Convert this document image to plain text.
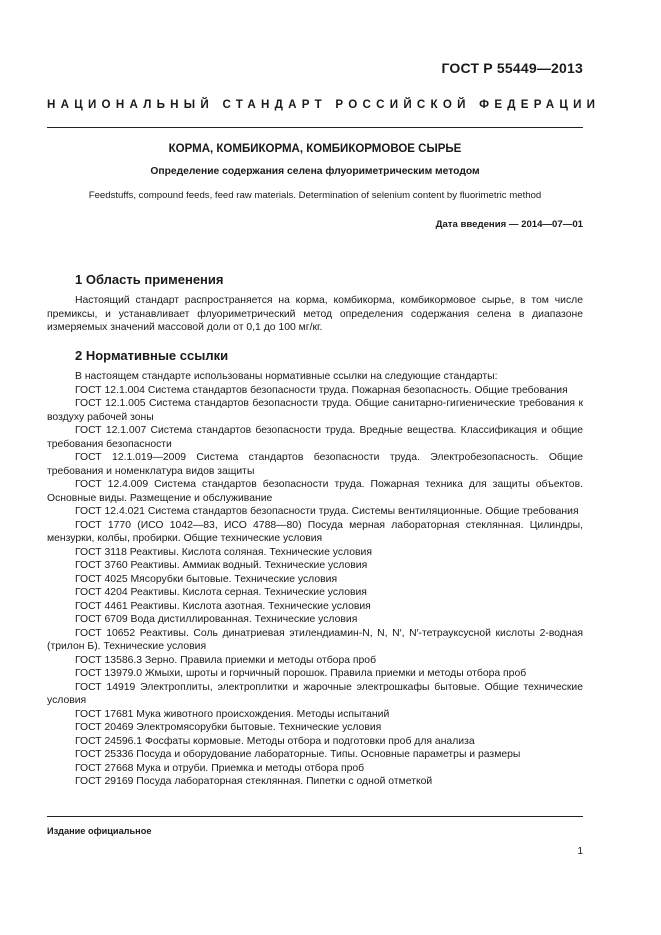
ГОСТ Р 55449—2013
НАЦИОНАЛЬНЫЙ СТАНДАРТ РОССИЙСКОЙ ФЕДЕРАЦИИ
КОРМА, КОМБИКОРМА, КОМБИКОРМОВОЕ СЫРЬЕ
Определение содержания селена флуориметрическим методом
Feedstuffs, compound feeds, feed raw materials. Determination of selenium content by fluorimetric method
Дата введения — 2014—07—01
1 Область применения

Настоящий стандарт распространяется на корма, комбикорма, комбикормовое сырье, в том числе премиксы, и устанавливает флуориметрический метод определения содержания селена в диапазоне измеряемых значений массовой доли от 0,1 до 100 мг/кг.

2 Нормативные ссылки

В настоящем стандарте использованы нормативные ссылки на следующие стандарты:

ГОСТ 12.1.004 Система стандартов безопасности труда. Пожарная безопасность. Общие требования

ГОСТ 12.1.005 Система стандартов безопасности труда. Общие санитарно-гигиенические требования к воздуху рабочей зоны

ГОСТ 12.1.007 Система стандартов безопасности труда. Вредные вещества. Классификация и общие требования безопасности

ГОСТ 12.1.019—2009 Система стандартов безопасности труда. Электробезопасность. Общие требования и номенклатура видов защиты

ГОСТ 12.4.009 Система стандартов безопасности труда. Пожарная техника для защиты объектов. Основные виды. Размещение и обслуживание

ГОСТ 12.4.021 Система стандартов безопасности труда. Системы вентиляционные. Общие требования

ГОСТ 1770 (ИСО 1042—83, ИСО 4788—80) Посуда мерная лабораторная стеклянная. Цилиндры, мензурки, колбы, пробирки. Общие технические условия

ГОСТ 3118 Реактивы. Кислота соляная. Технические условия

ГОСТ 3760 Реактивы. Аммиак водный. Технические условия

ГОСТ 4025 Мясорубки бытовые. Технические условия

ГОСТ 4204 Реактивы. Кислота серная. Технические условия

ГОСТ 4461 Реактивы. Кислота азотная. Технические условия

ГОСТ 6709 Вода дистиллированная. Технические условия

ГОСТ 10652 Реактивы. Соль динатриевая этилендиамин-N, N, N′, N′-тетрауксусной кислоты 2-водная (трилон Б). Технические условия

ГОСТ 13586.3 Зерно. Правила приемки и методы отбора проб

ГОСТ 13979.0 Жмыхи, шроты и горчичный порошок. Правила приемки и методы отбора проб

ГОСТ 14919 Электроплиты, электроплитки и жарочные электрошкафы бытовые. Общие технические условия

ГОСТ 17681 Мука животного происхождения. Методы испытаний

ГОСТ 20469 Электромясорубки бытовые. Технические условия

ГОСТ 24596.1 Фосфаты кормовые. Методы отбора и подготовки проб для анализа

ГОСТ 25336 Посуда и оборудование лабораторные. Типы. Основные параметры и размеры

ГОСТ 27668 Мука и отруби. Приемка и методы отбора проб

ГОСТ 29169 Посуда лабораторная стеклянная. Пипетки с одной отметкой

Издание официальное
1
